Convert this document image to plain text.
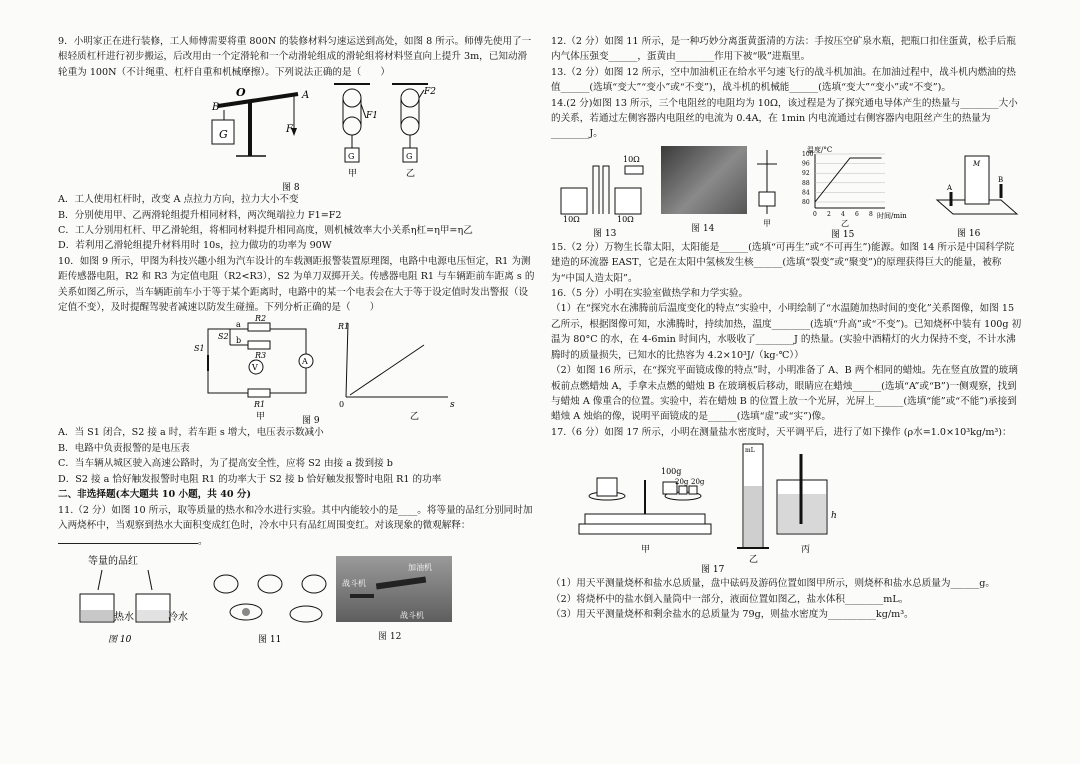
9．小明家正在进行装修，工人师傅需要将重 800N 的装修材料匀速运送到高处，如图 8 所示。师傅先使用了一根轻质杠杆进行初步搬运，后改用由一个定滑轮和一个动滑轮组成的滑轮组将材料竖直向上提升 3m，已知动滑轮重为 100N（不计绳重、杠杆自重和机械摩擦）。下列说法正确的是（　　）

O	A
B
G	F
G
F1
甲
G
F2
乙
图 8

A．工人使用杠杆时，改变 A 点拉力方向，拉力大小不变

B．分别使用甲、乙两滑轮组提升相同材料，两次绳端拉力 F1=F2

C．工人分别用杠杆、甲乙滑轮组，将相同材料提升相同高度，则机械效率大小关系η杠=η甲=η乙

D．若利用乙滑轮组提升材料用时 10s，拉力做功的功率为 90W

10．如图 9 所示，甲图为科技兴趣小组为汽车设计的车载测距报警装置原理图，电路中电源电压恒定，R1 为测距传感器电阻，R2 和 R3 为定值电阻（R2<R3），S2 为单刀双掷开关。传感器电阻 R1 与车辆距前车距离 s 的关系如图乙所示，当车辆距前车小于等于某个距离时，电路中的某一个电表会在大于等于设定值时发出警报（设定值不变），及时提醒驾驶者减速以防发生碰撞。下列分析正确的是（　　）

R2
R3
a
b
S2
S1
V
A
R1
甲
R1
s
0
乙
图 9

A．当 S1 闭合，S2 接 a 时，若车距 s 增大，电压表示数减小

B．电路中负责报警的是电压表

C．当车辆从城区驶入高速公路时，为了提高安全性，应将 S2 由接 a 拨到接 b

D．S2 接 a 恰好触发报警时电阻 R1 的功率大于 S2 接 b 恰好触发报警时电阻 R1 的功率

二、非选择题(本大题共 10 小题，共 40 分)

11.（2 分）如图 10 所示，取等质量的热水和冷水进行实验。其中内能较小的是____。将等量的品红分别同时加入两烧杯中，当观察到热水大面积变成红色时，冷水中只有品红周围变红。对该现象的微观解释：。

等量的品红
热水	冷水
图 10	图 11
加油机
战斗机
战斗机

图 12

12.（2 分）如图 11 所示，是一种巧妙分离蛋黄蛋清的方法：手按压空矿泉水瓶，把瓶口扣住蛋黄，松手后瓶内气体压强变______，蛋黄由________作用下被“吸”进瓶里。

13.（2 分）如图 12 所示，空中加油机正在给水平匀速飞行的战斗机加油。在加油过程中，战斗机内燃油的热值______(选填“变大”“变小”或“不变”)，战斗机的机械能______(选填“变大”“变小”或“不变”)。

14.(2 分)如图 13 所示，三个电阻丝的电阻均为 10Ω，该过程是为了探究通电导体产生的热量与________大小的关系，若通过左侧容器内电阻丝的电流为 0.4A，在 1min 内电流通过右侧容器内电阻丝产生的热量为________J。

10Ω
10Ω	10Ω
图 13	图 14

甲
温度/°C
100
96
92
88
84
80
0 2 4 6 8 时间/min
乙
图 15
M
A
B
图 16

15.（2 分）万物生长靠太阳，太阳能是______(选填“可再生”或“不可再生”)能源。如图 14 所示是中国科学院建造的环流器 EAST，它是在太阳中氢核发生核______(选填“裂变”或“聚变”)的原理获得巨大的能量，被称为“中国人造太阳”。

16.（5 分）小明在实验室做热学和力学实验。

（1）在“探究水在沸腾前后温度变化的特点”实验中，小明绘制了“水温随加热时间的变化”关系图像，如图 15 乙所示，根据图像可知，水沸腾时，持续加热，温度________(选填“升高”或“不变”)。已知烧杯中装有 100g 初温为 80°C 的水，在 4-6min 时间内，水吸收了________J 的热量。(实验中酒精灯的火力保持不变，不计水沸腾时的质量损失，已知水的比热容为 4.2×10³J/（kg·℃））

（2）如图 16 所示，在“探究平面镜成像的特点”时，小明准备了 A、B 两个相同的蜡烛。先在竖直放置的玻璃板前点燃蜡烛 A，手拿未点燃的蜡烛 B 在玻璃板后移动，眼睛应在蜡烛______(选填“A”或“B”)一侧观察，找到与蜡烛 A 像重合的位置。实验中，若在蜡烛 B 的位置上放一个光屏，光屏上______(选填“能”或“不能”)承接到蜡烛 A 烛焰的像，说明平面镜成的是______(选填“虚”或“实”)像。

17.（6 分）如图 17 所示，小明在测量盐水密度时，天平调平后，进行了如下操作 (ρ水=1.0×10³kg/m³)：

100g
20g 20g
甲
mL
乙
h
丙
图 17

（1）用天平测量烧杯和盐水总质量，盘中砝码及游码位置如图甲所示，则烧杯和盐水总质量为______g。

（2）将烧杯中的盐水倒入量筒中一部分，液面位置如图乙，盐水体积________mL。

（3）用天平测量烧杯和剩余盐水的总质量为 79g，则盐水密度为__________kg/m³。
